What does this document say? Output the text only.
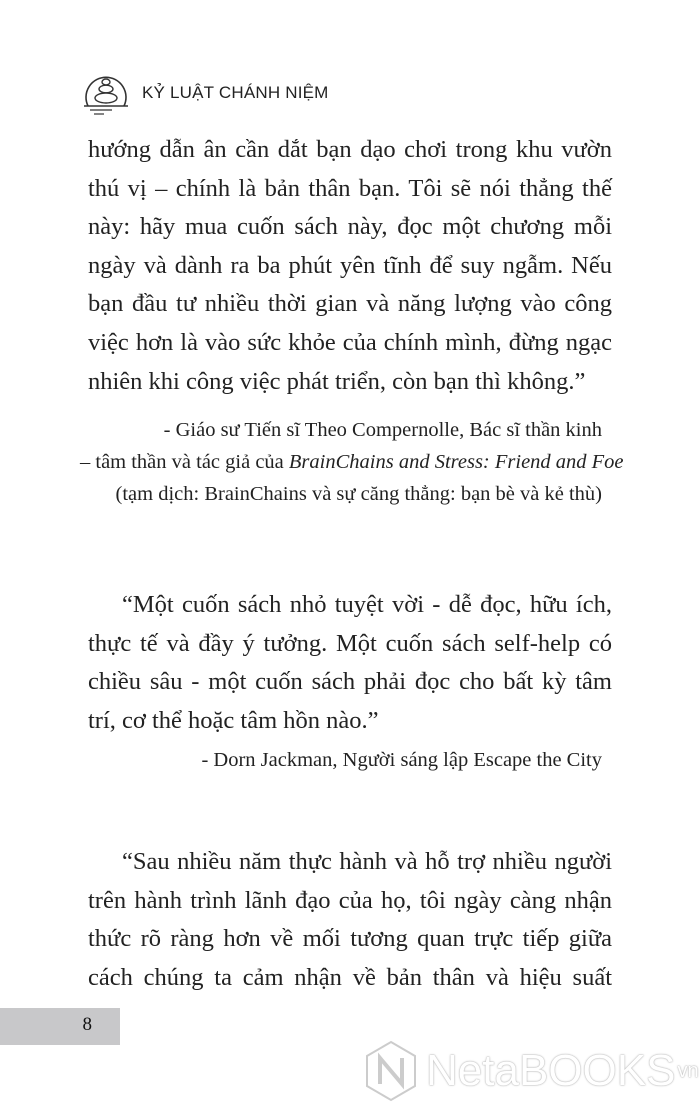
KỶ LUẬT CHÁNH NIỆM
hướng dẫn ân cần dắt bạn dạo chơi trong khu vườn
thú vị – chính là bản thân bạn. Tôi sẽ nói thẳng thế
này: hãy mua cuốn sách này, đọc một chương mỗi
ngày và dành ra ba phút yên tĩnh để suy ngẫm. Nếu
bạn đầu tư nhiều thời gian và năng lượng vào công
việc hơn là vào sức khỏe của chính mình, đừng ngạc
nhiên khi công việc phát triển, còn bạn thì không.”
- Giáo sư Tiến sĩ Theo Compernolle, Bác sĩ thần kinh
– tâm thần và tác giả của BrainChains and Stress: Friend and Foe
(tạm dịch: BrainChains và sự căng thẳng: bạn bè và kẻ thù)
“Một cuốn sách nhỏ tuyệt vời - dễ đọc, hữu ích,
thực tế và đầy ý tưởng. Một cuốn sách self-help có
chiều sâu - một cuốn sách phải đọc cho bất kỳ tâm
trí, cơ thể hoặc tâm hồn nào.”
- Dorn Jackman, Người sáng lập Escape the City
“Sau nhiều năm thực hành và hỗ trợ nhiều người
trên hành trình lãnh đạo của họ, tôi ngày càng nhận
thức rõ ràng hơn về mối tương quan trực tiếp giữa
cách chúng ta cảm nhận về bản thân và hiệu suất
8
NetaBOOKS vn
